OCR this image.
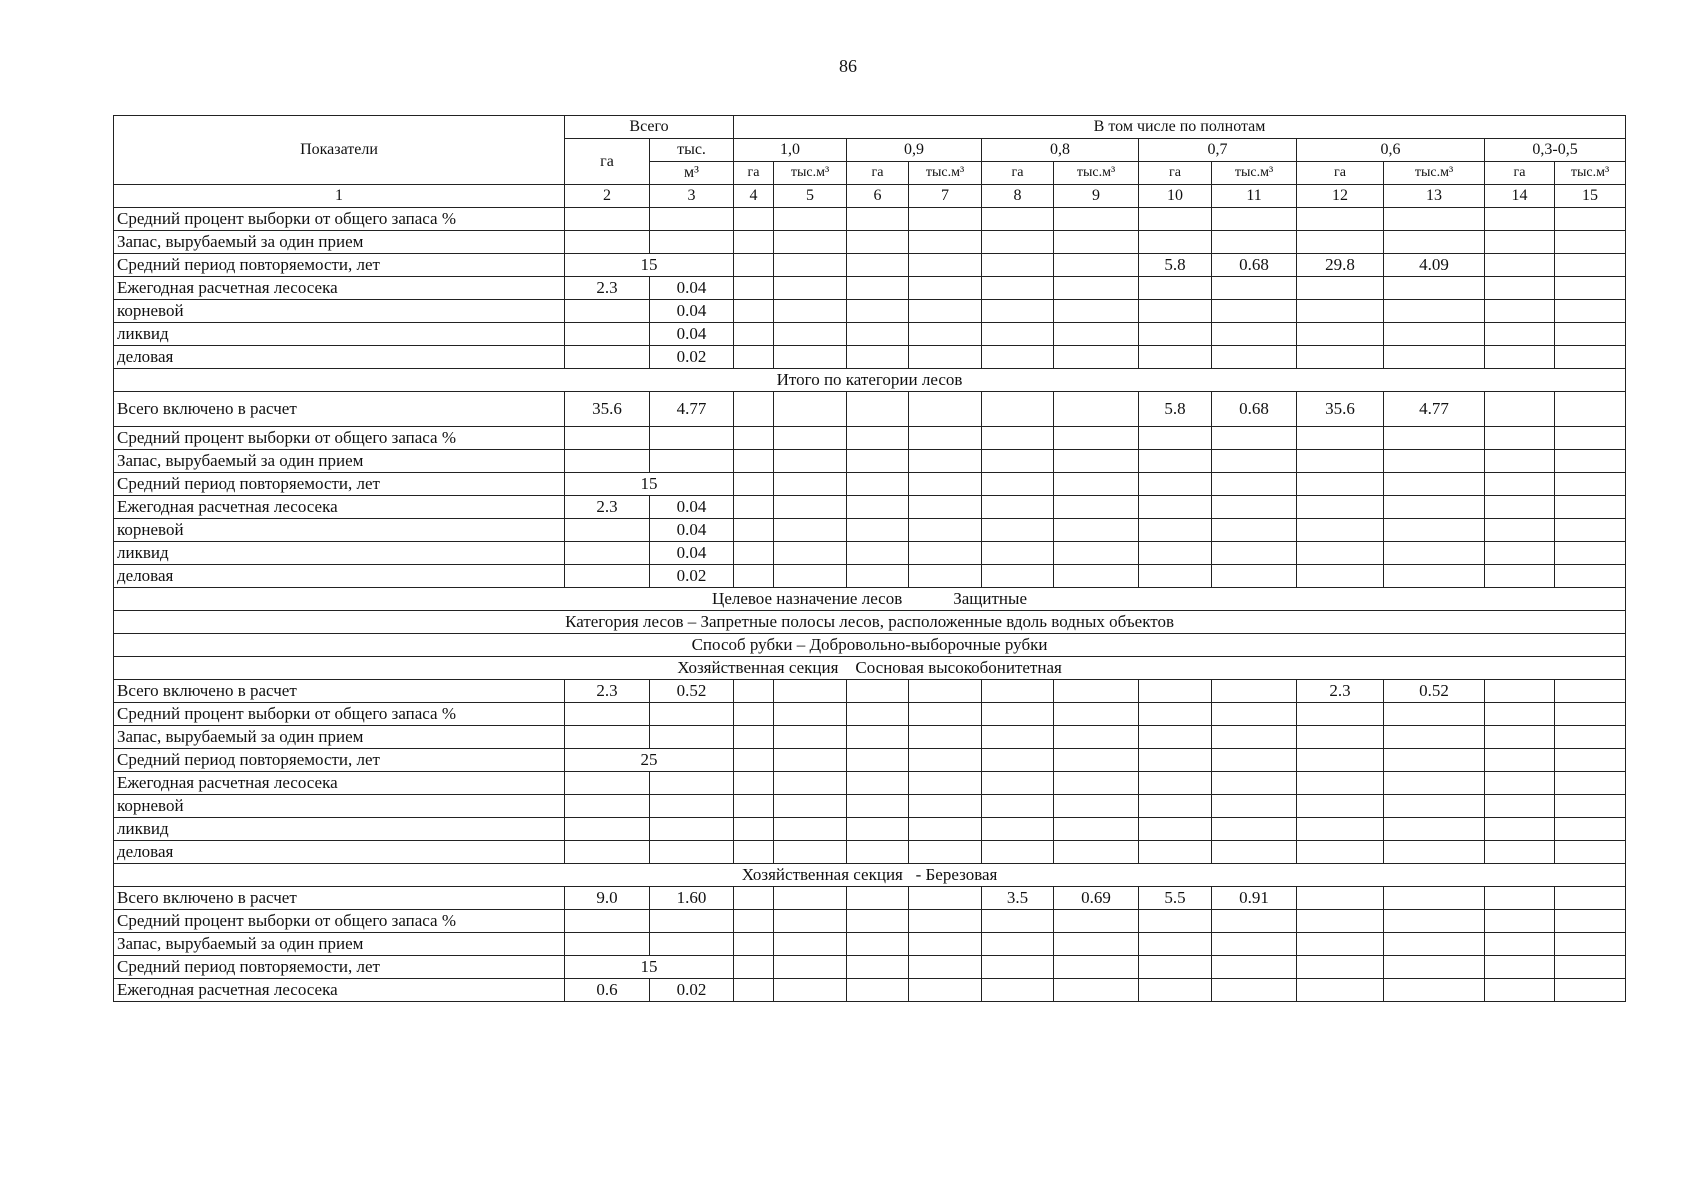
86
Показатели	Всего		В том числе по полнотам											
	га	тыс.	1,0		0,9		0,8		0,7		0,6		0,3-0,5	
		м³	га	тыс.м³	га	тыс.м³	га	тыс.м³	га	тыс.м³	га	тыс.м³	га	тыс.м³
1	2	3	4	5	6	7	8	9	10	11	12	13	14	15
Средний процент выборки от общего запаса %														
Запас, вырубаемый за один прием														
Средний период повторяемости, лет	15								5.8	0.68	29.8	4.09		
Ежегодная расчетная лесосека	2.3	0.04												
корневой		0.04												
ликвид		0.04												
деловая		0.02												
Итого по категории лесов														
Всего включено в расчет	35.6	4.77							5.8	0.68	35.6	4.77		
Средний процент выборки от общего запаса %														
Запас, вырубаемый за один прием														
Средний период повторяемости, лет	15													
Ежегодная расчетная лесосека	2.3	0.04												
корневой		0.04												
ликвид		0.04												
деловая		0.02												
Целевое назначение лесов            Защитные														
Категория лесов – Запретные полосы лесов, расположенные вдоль водных объектов														
Способ рубки – Добровольно-выборочные рубки														
Хозяйственная секция    Сосновая высокобонитетная														
Всего включено в расчет	2.3	0.52									2.3	0.52		
Средний процент выборки от общего запаса %														
Запас, вырубаемый за один прием														
Средний период повторяемости, лет	25													
Ежегодная расчетная лесосека														
корневой														
ликвид														
деловая														
Хозяйственная секция   - Березовая														
Всего включено в расчет	9.0	1.60					3.5	0.69	5.5	0.91				
Средний процент выборки от общего запаса %														
Запас, вырубаемый за один прием														
Средний период повторяемости, лет	15													
Ежегодная расчетная лесосека	0.6	0.02												
